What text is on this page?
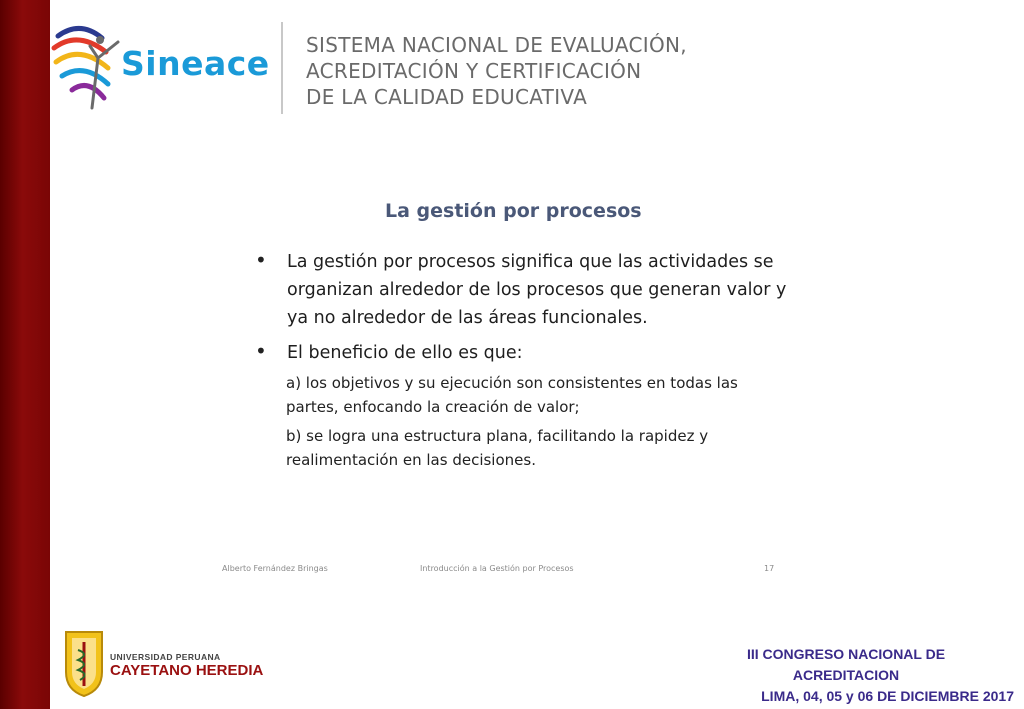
Sineace SISTEMA NACIONAL DE EVALUACIÓN,
ACREDITACIÓN Y CERTIFICACIÓN
DE LA CALIDAD EDUCATIVA
La gestión por procesos
• La gestión por procesos significa que las actividades se organizan alrededor de los procesos que generan valor y ya no alrededor de las áreas funcionales.
• El beneficio de ello es que:
a) los objetivos y su ejecución son consistentes en todas las partes, enfocando la creación de valor;
b) se logra una estructura plana, facilitando la rapidez y realimentación en las decisiones.
Alberto Fernández Bringas	Introducción a la Gestión por Procesos	17
UNIVERSIDAD PERUANA
CAYETANO HEREDIA
III CONGRESO NACIONAL DE
ACREDITACION
LIMA, 04, 05 y 06 DE DICIEMBRE 2017
